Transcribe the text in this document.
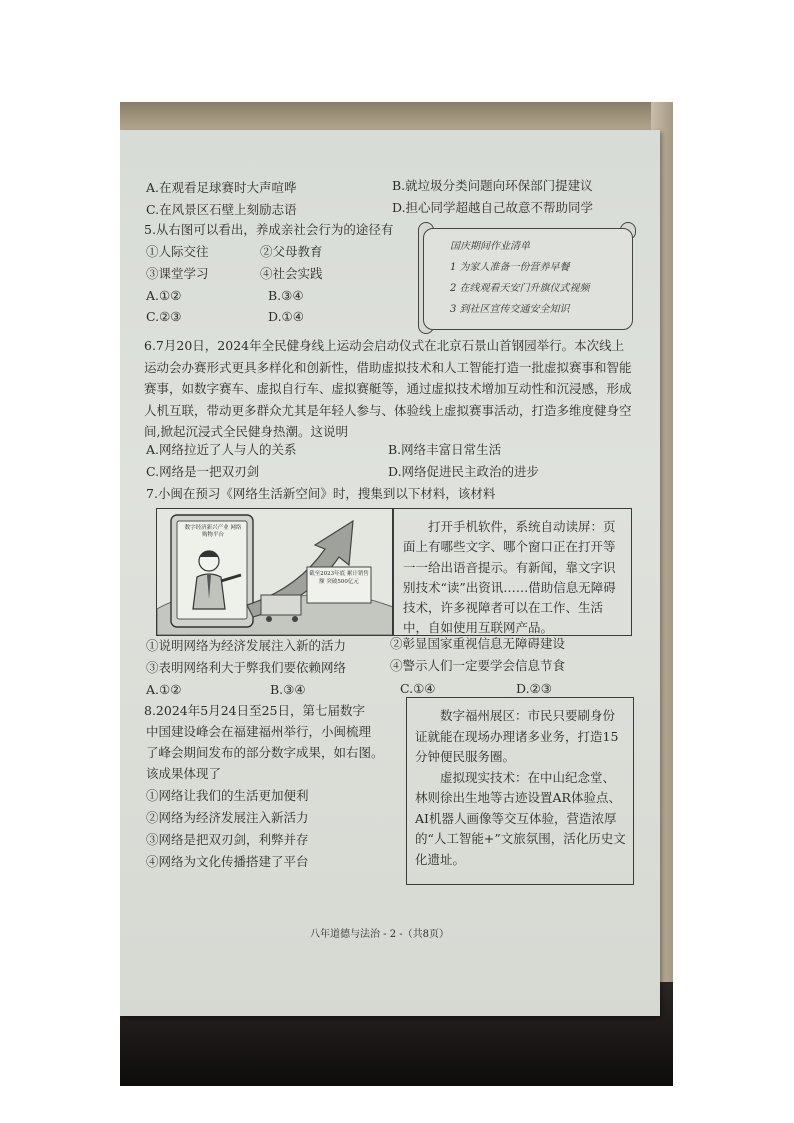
A.在观看足球赛时大声喧哗	B.就垃圾分类问题向环保部门提建议
C.在风景区石壁上刻励志语	D.担心同学超越自己故意不帮助同学
5.从右图可以看出，养成亲社会行为的途径有
①人际交往	②父母教育
③课堂学习	④社会实践
A.①②	B.③④
C.②③	D.①④
国庆期间作业清单
1 为家人准备一份营养早餐
2 在线观看天安门升旗仪式视频
3 到社区宣传交通安全知识
6.7月20日，2024年全民健身线上运动会启动仪式在北京石景山首钢园举行。本次线上运动会办赛形式更具多样化和创新性，借助虚拟技术和人工智能打造一批虚拟赛事和智能赛事，如数字赛车、虚拟自行车、虚拟赛艇等，通过虚拟技术增加互动性和沉浸感，形成人机互联，带动更多群众尤其是年轻人参与、体验线上虚拟赛事活动，打造多维度健身空间,掀起沉浸式全民健身热潮。这说明
A.网络拉近了人与人的关系	B.网络丰富日常生活
C.网络是一把双刃剑	D.网络促进民主政治的进步
7.小闽在预习《网络生活新空间》时，搜集到以下材料，该材料
数字经济新兴产业 网络购物平台
截至2023年底 累计销售额 突破500亿元
打开手机软件，系统自动读屏：页面上有哪些文字、哪个窗口正在打开等一一给出语音提示。有新闻，靠文字识别技术“读”出资讯……借助信息无障碍技术，许多视障者可以在工作、生活中，自如使用互联网产品。
①说明网络为经济发展注入新的活力	②彰显国家重视信息无障碍建设
③表明网络利大于弊我们要依赖网络	④警示人们一定要学会信息节食
A.①②	B.③④	C.①④	D.②③
8.2024年5月24日至25日，第七届数字
中国建设峰会在福建福州举行，小闽梳理
了峰会期间发布的部分数字成果，如右图。
该成果体现了
①网络让我们的生活更加便利
②网络为经济发展注入新活力
③网络是把双刃剑，利弊并存
④网络为文化传播搭建了平台
数字福州展区：市民只要刷身份证就能在现场办理诸多业务，打造15分钟便民服务圈。
虚拟现实技术：在中山纪念堂、林则徐出生地等古迹设置AR体验点、AI机器人画像等交互体验，营造浓厚的“人工智能+”文旅氛围，活化历史文化遗址。
八年道德与法治 - 2 -（共8页）
